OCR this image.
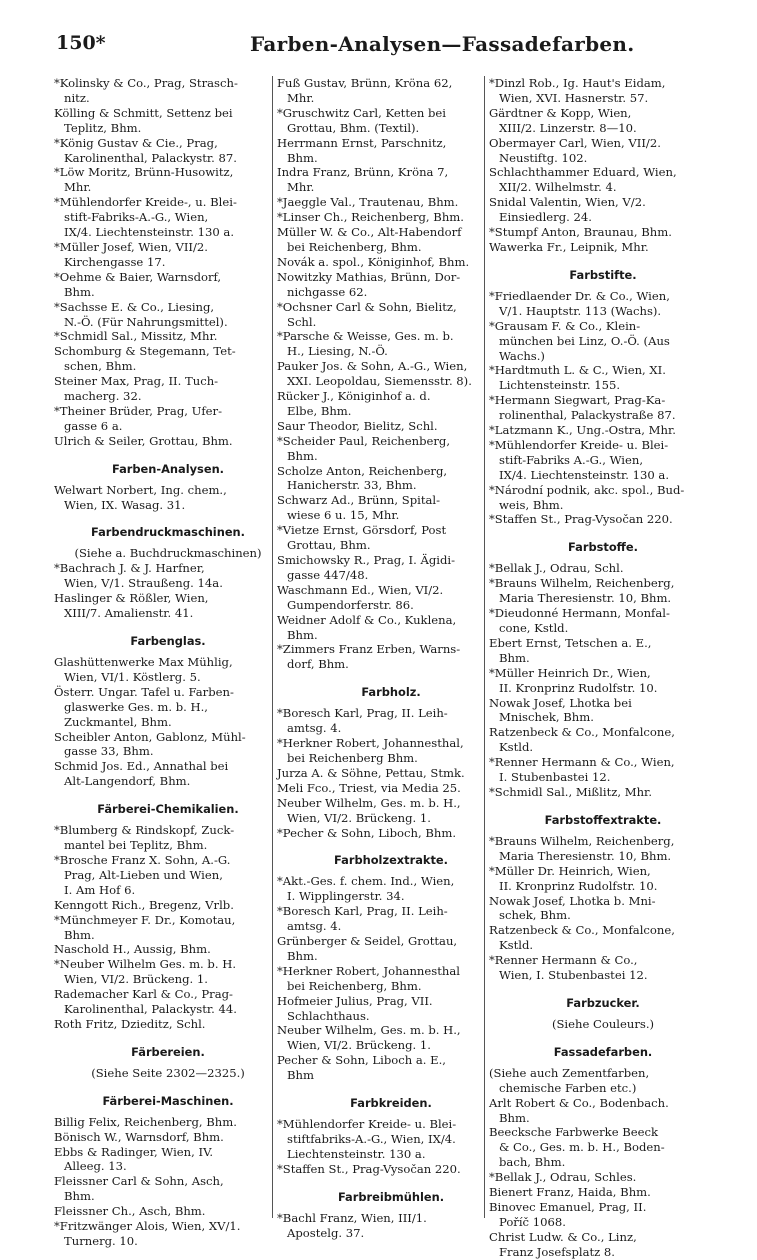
150*	Farben-Analysen—Fassadefarben.
*Kolinsky & Co., Prag, Strasch-
nitz.
Kölling & Schmitt, Settenz bei
Teplitz, Bhm.
*König Gustav & Cie., Prag,
Karolinenthal, Palackystr. 87.
*Löw Moritz, Brünn-Husowitz,
Mhr.
*Mühlendorfer Kreide-, u. Blei-
stift-Fabriks-A.-G., Wien,
IX/4. Liechtensteinstr. 130 a.
*Müller Josef, Wien, VII/2.
Kirchengasse 17.
*Oehme & Baier, Warnsdorf,
Bhm.
*Sachsse E. & Co., Liesing,
N.-Ö. (Für Nahrungsmittel).
*Schmidl Sal., Missitz, Mhr.
Schomburg & Stegemann, Tet-
schen, Bhm.
Steiner Max, Prag, II. Tuch-
macherg. 32.
*Theiner Brüder, Prag, Ufer-
gasse 6 a.
Ulrich & Seiler, Grottau, Bhm.
Farben-Analysen.
Welwart Norbert, Ing. chem.,
Wien, IX. Wasag. 31.
Farbendruckmaschinen.
(Siehe a. Buchdruckmaschinen)
*Bachrach J. & J. Harfner,
Wien, V/1. Straußeng. 14a.
Haslinger & Rößler, Wien,
XIII/7. Amalienstr. 41.
Farbenglas.
Glashüttenwerke Max Mühlig,
Wien, VI/1. Köstlerg. 5.
Österr. Ungar. Tafel u. Farben-
glaswerke Ges. m. b. H.,
Zuckmantel, Bhm.
Scheibler Anton, Gablonz, Mühl-
gasse 33, Bhm.
Schmid Jos. Ed., Annathal bei
Alt-Langendorf, Bhm.
Färberei-Chemikalien.
*Blumberg & Rindskopf, Zuck-
mantel bei Teplitz, Bhm.
*Brosche Franz X. Sohn, A.-G.
Prag, Alt-Lieben und Wien,
I. Am Hof 6.
Kenngott Rich., Bregenz, Vrlb.
*Münchmeyer F. Dr., Komotau,
Bhm.
Naschold H., Aussig, Bhm.
*Neuber Wilhelm Ges. m. b. H.
Wien, VI/2. Brückeng. 1.
Rademacher Karl & Co., Prag-
Karolinenthal, Palackystr. 44.
Roth Fritz, Dzieditz, Schl.
Färbereien.
(Siehe Seite 2302—2325.)
Färberei-Maschinen.
Billig Felix, Reichenberg, Bhm.
Bönisch W., Warnsdorf, Bhm.
Ebbs & Radinger, Wien, IV.
Alleeg. 13.
Fleissner Carl & Sohn, Asch,
Bhm.
Fleissner Ch., Asch, Bhm.
*Fritzwänger Alois, Wien, XV/1.
Turnerg. 10.
Fuß Gustav, Brünn, Kröna 62,
Mhr.
*Gruschwitz Carl, Ketten bei
Grottau, Bhm. (Textil).
Herrmann Ernst, Parschnitz,
Bhm.
Indra Franz, Brünn, Kröna 7,
Mhr.
*Jaeggle Val., Trautenau, Bhm.
*Linser Ch., Reichenberg, Bhm.
Müller W. & Co., Alt-Habendorf
bei Reichenberg, Bhm.
Novák a. spol., Königinhof, Bhm.
Nowitzky Mathias, Brünn, Dor-
nichgasse 62.
*Ochsner Carl & Sohn, Bielitz,
Schl.
*Parsche & Weisse, Ges. m. b.
H., Liesing, N.-Ö.
Pauker Jos. & Sohn, A.-G., Wien,
XXI. Leopoldau, Siemensstr. 8).
Rücker J., Königinhof a. d.
Elbe, Bhm.
Saur Theodor, Bielitz, Schl.
*Scheider Paul, Reichenberg,
Bhm.
Scholze Anton, Reichenberg,
Hanicherstr. 33, Bhm.
Schwarz Ad., Brünn, Spital-
wiese 6 u. 15, Mhr.
*Vietze Ernst, Görsdorf, Post
Grottau, Bhm.
Smichowsky R., Prag, I. Ägidi-
gasse 447/48.
Waschmann Ed., Wien, VI/2.
Gumpendorferstr. 86.
Weidner Adolf & Co., Kuklena,
Bhm.
*Zimmers Franz Erben, Warns-
dorf, Bhm.
Farbholz.
*Boresch Karl, Prag, II. Leih-
amtsg. 4.
*Herkner Robert, Johannesthal,
bei Reichenberg Bhm.
Jurza A. & Söhne, Pettau, Stmk.
Meli Fco., Triest, via Media 25.
Neuber Wilhelm, Ges. m. b. H.,
Wien, VI/2. Brückeng. 1.
*Pecher & Sohn, Liboch, Bhm.
Farbholzextrakte.
*Akt.-Ges. f. chem. Ind., Wien,
I. Wipplingerstr. 34.
*Boresch Karl, Prag, II. Leih-
amtsg. 4.
Grünberger & Seidel, Grottau,
Bhm.
*Herkner Robert, Johannesthal
bei Reichenberg, Bhm.
Hofmeier Julius, Prag, VII.
Schlachthaus.
Neuber Wilhelm, Ges. m. b. H.,
Wien, VI/2. Brückeng. 1.
Pecher & Sohn, Liboch a. E.,
Bhm
Farbkreiden.
*Mühlendorfer Kreide- u. Blei-
stiftfabriks-A.-G., Wien, IX/4.
Liechtensteinstr. 130 a.
*Staffen St., Prag-Vysočan 220.
Farbreibmühlen.
*Bachl Franz, Wien, III/1.
Apostelg. 37.
*Dinzl Rob., Ig. Haut's Eidam,
Wien, XVI. Hasnerstr. 57.
Gärdtner & Kopp, Wien,
XIII/2. Linzerstr. 8—10.
Obermayer Carl, Wien, VII/2.
Neustiftg. 102.
Schlachthammer Eduard, Wien,
XII/2. Wilhelmstr. 4.
Snidal Valentin, Wien, V/2.
Einsiedlerg. 24.
*Stumpf Anton, Braunau, Bhm.
Wawerka Fr., Leipnik, Mhr.
Farbstifte.
*Friedlaender Dr. & Co., Wien,
V/1. Hauptstr. 113 (Wachs).
*Grausam F. & Co., Klein-
münchen bei Linz, O.-Ö. (Aus
Wachs.)
*Hardtmuth L. & C., Wien, XI.
Lichtensteinstr. 155.
*Hermann Siegwart, Prag-Ka-
rolinenthal, Palackystraße 87.
*Latzmann K., Ung.-Ostra, Mhr.
*Mühlendorfer Kreide- u. Blei-
stift-Fabriks A.-G., Wien,
IX/4. Liechtensteinstr. 130 a.
*Národní podnik, akc. spol., Bud-
weis, Bhm.
*Staffen St., Prag-Vysočan 220.
Farbstoffe.
*Bellak J., Odrau, Schl.
*Brauns Wilhelm, Reichenberg,
Maria Theresienstr. 10, Bhm.
*Dieudonné Hermann, Monfal-
cone, Kstld.
Ebert Ernst, Tetschen a. E.,
Bhm.
*Müller Heinrich Dr., Wien,
II. Kronprinz Rudolfstr. 10.
Nowak Josef, Lhotka bei
Mnischek, Bhm.
Ratzenbeck & Co., Monfalcone,
Kstld.
*Renner Hermann & Co., Wien,
I. Stubenbastei 12.
*Schmidl Sal., Mißlitz, Mhr.
Farbstoffextrakte.
*Brauns Wilhelm, Reichenberg,
Maria Theresienstr. 10, Bhm.
*Müller Dr. Heinrich, Wien,
II. Kronprinz Rudolfstr. 10.
Nowak Josef, Lhotka b. Mni-
schek, Bhm.
Ratzenbeck & Co., Monfalcone,
Kstld.
*Renner Hermann & Co.,
Wien, I. Stubenbastei 12.
Farbzucker.
(Siehe Couleurs.)
Fassadefarben.
(Siehe auch Zementfarben,
chemische Farben etc.)
Arlt Robert & Co., Bodenbach.
Bhm.
Beecksche Farbwerke Beeck
& Co., Ges. m. b. H., Boden-
bach, Bhm.
*Bellak J., Odrau, Schles.
Bienert Franz, Haida, Bhm.
Binovec Emanuel, Prag, II.
Poříč 1068.
Christ Ludw. & Co., Linz,
Franz Josefsplatz 8.
